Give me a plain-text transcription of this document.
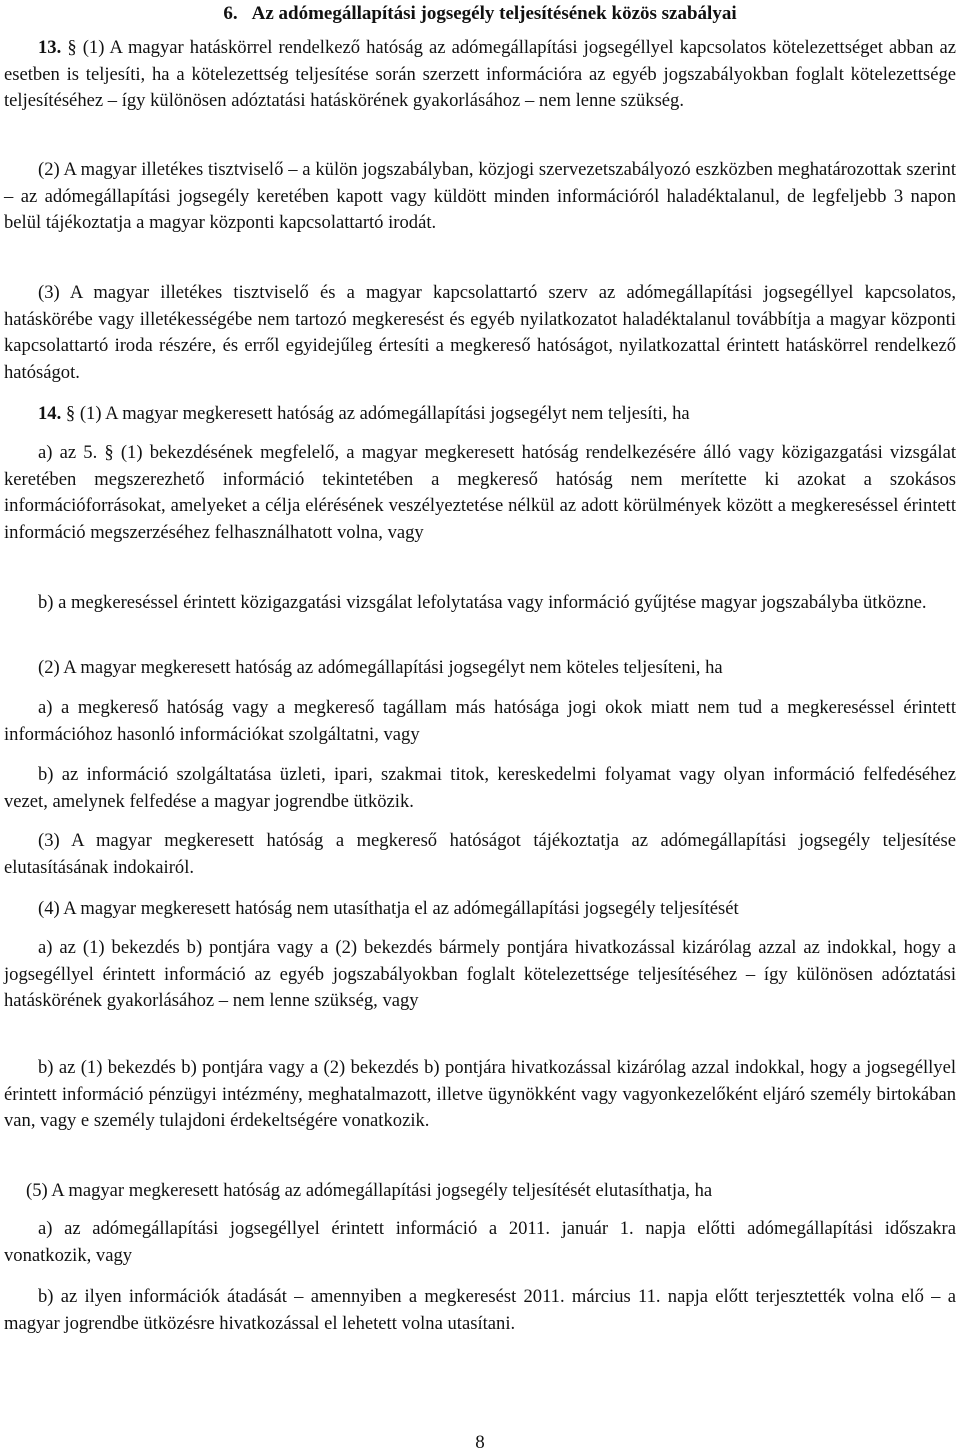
6. Az adómegállapítási jogsegély teljesítésének közös szabályai

13. § (1) A magyar hatáskörrel rendelkező hatóság az adómegállapítási jogsegéllyel kapcsolatos kötelezettséget abban az esetben is teljesíti, ha a kötelezettség teljesítése során szerzett információra az egyéb jogszabályokban foglalt kötelezettsége teljesítéséhez – így különösen adóztatási hatáskörének gyakorlásához – nem lenne szükség.

(2) A magyar illetékes tisztviselő – a külön jogszabályban, közjogi szervezetszabályozó eszközben meghatározottak szerint – az adómegállapítási jogsegély keretében kapott vagy küldött minden információról haladéktalanul, de legfeljebb 3 napon belül tájékoztatja a magyar központi kapcsolattartó irodát.

(3) A magyar illetékes tisztviselő és a magyar kapcsolattartó szerv az adómegállapítási jogsegéllyel kapcsolatos, hatáskörébe vagy illetékességébe nem tartozó megkeresést és egyéb nyilatkozatot haladéktalanul továbbítja a magyar központi kapcsolattartó iroda részére, és erről egyidejűleg értesíti a megkereső hatóságot, nyilatkozattal érintett hatáskörrel rendelkező hatóságot.

14. § (1) A magyar megkeresett hatóság az adómegállapítási jogsegélyt nem teljesíti, ha

a) az 5. § (1) bekezdésének megfelelő, a magyar megkeresett hatóság rendelkezésére álló vagy közigazgatási vizsgálat keretében megszerezhető információ tekintetében a megkereső hatóság nem merítette ki azokat a szokásos információforrásokat, amelyeket a célja elérésének veszélyeztetése nélkül az adott körülmények között a megkereséssel érintett információ megszerzéséhez felhasználhatott volna, vagy

b) a megkereséssel érintett közigazgatási vizsgálat lefolytatása vagy információ gyűjtése magyar jogszabályba ütközne.

(2) A magyar megkeresett hatóság az adómegállapítási jogsegélyt nem köteles teljesíteni, ha

a) a megkereső hatóság vagy a megkereső tagállam más hatósága jogi okok miatt nem tud a megkereséssel érintett információhoz hasonló információkat szolgáltatni, vagy

b) az információ szolgáltatása üzleti, ipari, szakmai titok, kereskedelmi folyamat vagy olyan információ felfedéséhez vezet, amelynek felfedése a magyar jogrendbe ütközik.

(3) A magyar megkeresett hatóság a megkereső hatóságot tájékoztatja az adómegállapítási jogsegély teljesítése elutasításának indokairól.

(4) A magyar megkeresett hatóság nem utasíthatja el az adómegállapítási jogsegély teljesítését

a) az (1) bekezdés b) pontjára vagy a (2) bekezdés bármely pontjára hivatkozással kizárólag azzal az indokkal, hogy a jogsegéllyel érintett információ az egyéb jogszabályokban foglalt kötelezettsége teljesítéséhez – így különösen adóztatási hatáskörének gyakorlásához – nem lenne szükség, vagy

b) az (1) bekezdés b) pontjára vagy a (2) bekezdés b) pontjára hivatkozással kizárólag azzal indokkal, hogy a jogsegéllyel érintett információ pénzügyi intézmény, meghatalmazott, illetve ügynökként vagy vagyonkezelőként eljáró személy birtokában van, vagy e személy tulajdoni érdekeltségére vonatkozik.

(5) A magyar megkeresett hatóság az adómegállapítási jogsegély teljesítését elutasíthatja, ha

a) az adómegállapítási jogsegéllyel érintett információ a 2011. január 1. napja előtti adómegállapítási időszakra vonatkozik, vagy

b) az ilyen információk átadását – amennyiben a megkeresést 2011. március 11. napja előtt terjesztették volna elő – a magyar jogrendbe ütközésre hivatkozással el lehetett volna utasítani.

8
